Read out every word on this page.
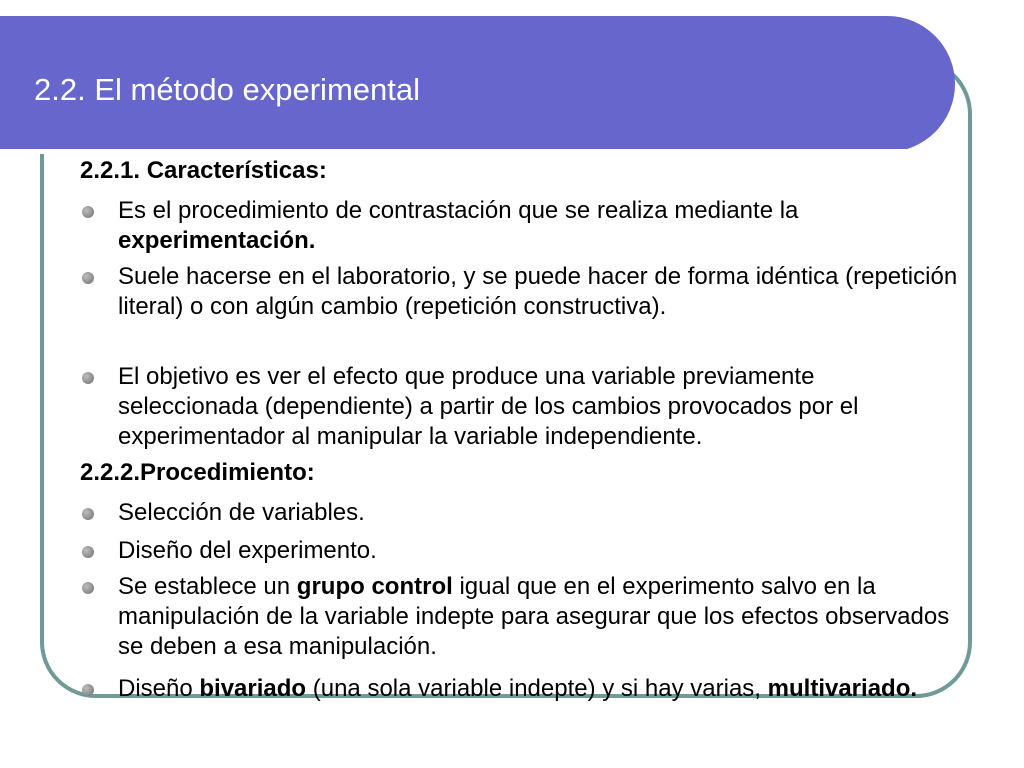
2.2. El método experimental
2.2.1. Características:
Es el procedimiento de contrastación que se realiza mediante la experimentación.
Suele hacerse en el laboratorio, y se puede hacer de forma idéntica (repetición literal) o con algún cambio (repetición constructiva).
El objetivo es ver el efecto que produce una variable previamente seleccionada (dependiente) a partir de los cambios provocados por el experimentador al manipular la variable independiente.
2.2.2.Procedimiento:
Selección de variables.
Diseño del experimento.
Se establece un grupo control igual que en el experimento salvo en la manipulación de la variable indepte para asegurar que los efectos observados se deben a esa manipulación.
Diseño bivariado (una sola variable indepte) y si hay varias, multivariado.
